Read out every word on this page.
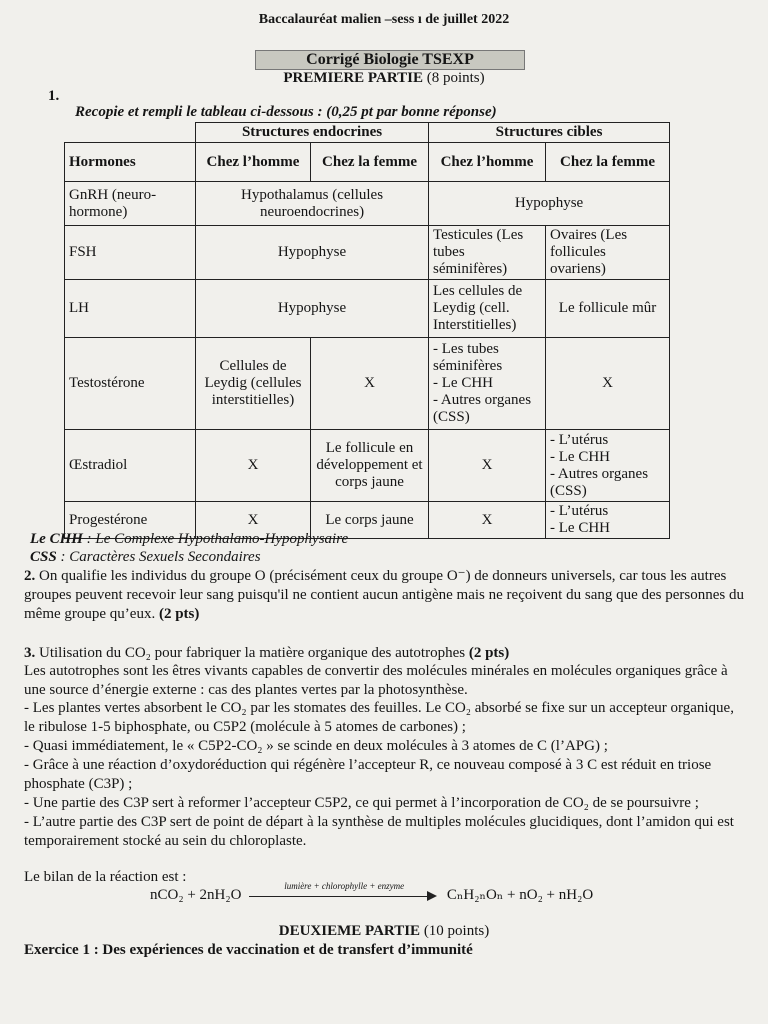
Baccalauréat malien –sess ı de juillet 2022
Corrigé Biologie TSEXP
PREMIERE PARTIE (8 points)
1.
Recopie et rempli le tableau ci-dessous : (0,25 pt par bonne réponse)
	Structures endocrines		Structures cibles	
Hormones	Chez l’homme	Chez la femme	Chez l’homme	Chez la femme
GnRH (neuro-hormone)	Hypothalamus (cellules neuroendocrines)		Hypophyse	
FSH	Hypophyse		Testicules (Les tubes séminifères)	Ovaires (Les follicules ovariens)
LH	Hypophyse		Les cellules de Leydig (cell. Interstitielles)	Le follicule mûr
Testostérone	Cellules de Leydig (cellules interstitielles)	X	- Les tubes séminifères
- Le CHH
- Autres organes (CSS)	X
Œstradiol	X	Le follicule en développement et corps jaune	X	- L’utérus
- Le CHH
- Autres organes (CSS)

Progestérone	X	Le corps jaune	X	- L’utérus
- Le CHH
Le CHH : Le Complexe Hypothalamo-Hypophysaire
CSS : Caractères Sexuels Secondaires
2. On qualifie les individus du groupe O (précisément ceux du groupe O⁻) de donneurs universels, car tous les autres groupes peuvent recevoir leur sang puisqu'il ne contient aucun antigène mais ne reçoivent du sang que des personnes du même groupe qu’eux. (2 pts)
3. Utilisation du CO₂ pour fabriquer la matière organique des autotrophes (2 pts)
Les autotrophes sont les êtres vivants capables de convertir des molécules minérales en molécules organiques grâce à une source d’énergie externe : cas des plantes vertes par la photosynthèse.
- Les plantes vertes absorbent le CO₂ par les stomates des feuilles. Le CO₂ absorbé se fixe sur un accepteur organique, le ribulose 1-5 biphosphate, ou C5P2 (molécule à 5 atomes de carbones) ;
- Quasi immédiatement, le « C5P2-CO₂ » se scinde en deux molécules à 3 atomes de C (l’APG) ;
- Grâce à une réaction d’oxydoréduction qui régénère l’accepteur R, ce nouveau composé à 3 C est réduit en triose phosphate (C3P) ;
- Une partie des C3P sert à reformer l’accepteur C5P2, ce qui permet à l’incorporation de CO₂ de se poursuivre ;
- L’autre partie des C3P sert de point de départ à la synthèse de multiples molécules glucidiques, dont l’amidon qui est temporairement stocké au sein du chloroplaste.
Le bilan de la réaction est :
nCO₂ + 2nH₂O
lumière + chlorophylle + enzyme
CₙH₂ₙOₙ + nO₂ + nH₂O
DEUXIEME PARTIE (10 points)
Exercice 1 : Des expériences de vaccination et de transfert d’immunité
